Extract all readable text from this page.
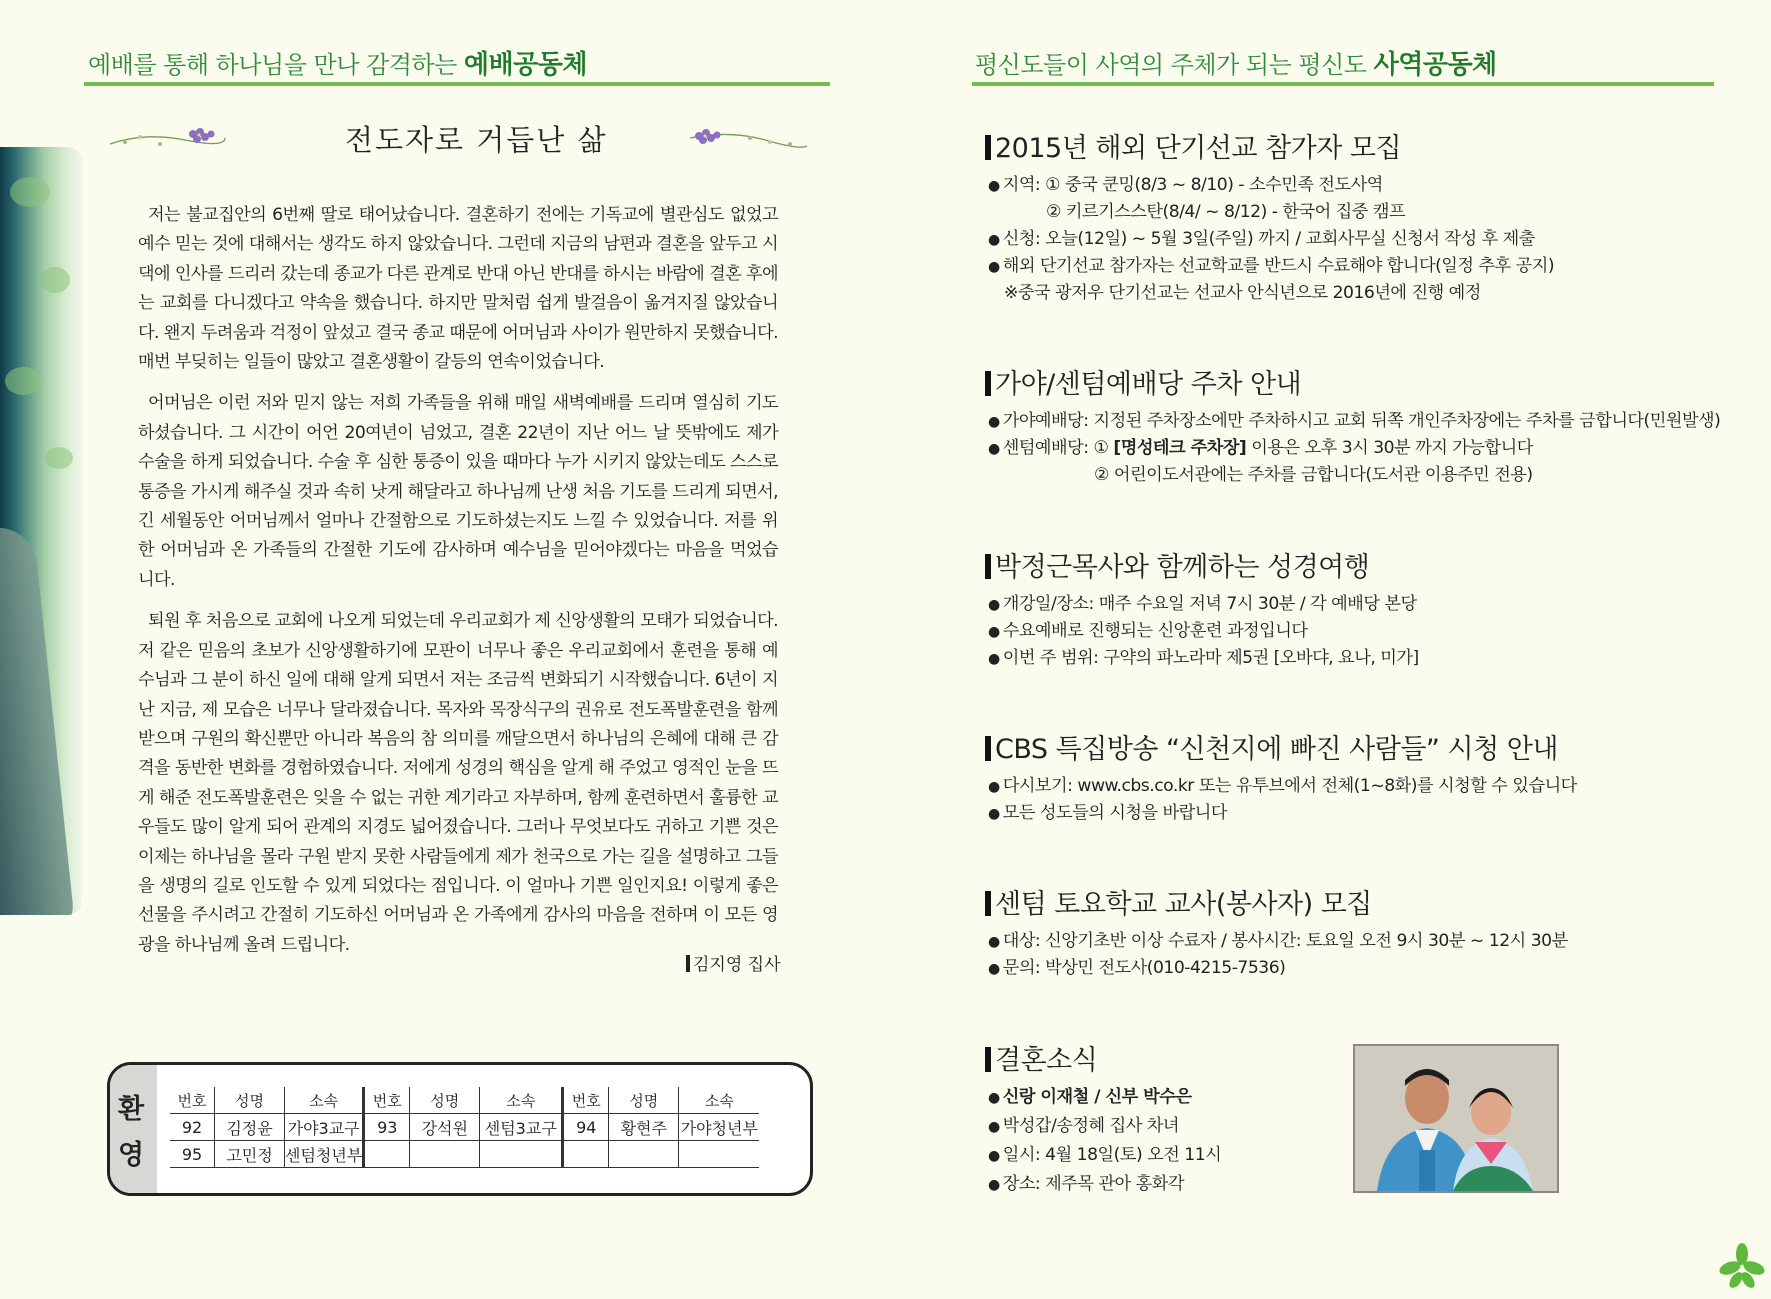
예배를 통해 하나님을 만나 감격하는 예배공동체	평신도들이 사역의 주체가 되는 평신도 사역공동체
전도자로 거듭난 삶

저는 불교집안의 6번째 딸로 태어났습니다. 결혼하기 전에는 기독교에 별관심도 없었고 예수 믿는 것에 대해서는 생각도 하지 않았습니다. 그런데 지금의 남편과 결혼을 앞두고 시댁에 인사를 드리러 갔는데 종교가 다른 관계로 반대 아닌 반대를 하시는 바람에 결혼 후에는 교회를 다니겠다고 약속을 했습니다. 하지만 말처럼 쉽게 발걸음이 옮겨지질 않았습니다. 왠지 두려움과 걱정이 앞섰고 결국 종교 때문에 어머님과 사이가 원만하지 못했습니다. 매번 부딪히는 일들이 많았고 결혼생활이 갈등의 연속이었습니다.

어머님은 이런 저와 믿지 않는 저희 가족들을 위해 매일 새벽예배를 드리며 열심히 기도하셨습니다. 그 시간이 어언 20여년이 넘었고, 결혼 22년이 지난 어느 날 뜻밖에도 제가 수술을 하게 되었습니다. 수술 후 심한 통증이 있을 때마다 누가 시키지 않았는데도 스스로 통증을 가시게 해주실 것과 속히 낫게 해달라고 하나님께 난생 처음 기도를 드리게 되면서, 긴 세월동안 어머님께서 얼마나 간절함으로 기도하셨는지도 느낄 수 있었습니다. 저를 위한 어머님과 온 가족들의 간절한 기도에 감사하며 예수님을 믿어야겠다는 마음을 먹었습니다.

퇴원 후 처음으로 교회에 나오게 되었는데 우리교회가 제 신앙생활의 모태가 되었습니다. 저 같은 믿음의 초보가 신앙생활하기에 모판이 너무나 좋은 우리교회에서 훈련을 통해 예수님과 그 분이 하신 일에 대해 알게 되면서 저는 조금씩 변화되기 시작했습니다. 6년이 지난 지금, 제 모습은 너무나 달라졌습니다. 목자와 목장식구의 권유로 전도폭발훈련을 함께 받으며 구원의 확신뿐만 아니라 복음의 참 의미를 깨달으면서 하나님의 은혜에 대해 큰 감격을 동반한 변화를 경험하였습니다. 저에게 성경의 핵심을 알게 해 주었고 영적인 눈을 뜨게 해준 전도폭발훈련은 잊을 수 없는 귀한 계기라고 자부하며, 함께 훈련하면서 훌륭한 교우들도 많이 알게 되어 관계의 지경도 넓어졌습니다. 그러나 무엇보다도 귀하고 기쁜 것은 이제는 하나님을 몰라 구원 받지 못한 사람들에게 제가 천국으로 가는 길을 설명하고 그들을 생명의 길로 인도할 수 있게 되었다는 점입니다. 이 얼마나 기쁜 일인지요! 이렇게 좋은 선물을 주시려고 간절히 기도하신 어머님과 온 가족에게 감사의 마음을 전하며 이 모든 영광을 하나님께 올려 드립니다.

김지영 집사
환
영
번호	성명	소속	번호	성명	소속	번호	성명	소속
92	김정윤	가야3교구	93	강석원	센텀3교구	94	황현주	가야청년부
95	고민정	센텀청년부						
2015년 해외 단기선교 참가자 모집
● 지역: ① 중국 쿤밍(8/3 ~ 8/10) - 소수민족 전도사역
② 키르기스스탄(8/4/ ~ 8/12) - 한국어 집중 캠프
● 신청: 오늘(12일) ~ 5월 3일(주일) 까지 / 교회사무실 신청서 작성 후 제출
● 해외 단기선교 참가자는 선교학교를 반드시 수료해야 합니다(일정 추후 공지)
※중국 광저우 단기선교는 선교사 안식년으로 2016년에 진행 예정
가야/센텀예배당 주차 안내
● 가야예배당: 지정된 주차장소에만 주차하시고 교회 뒤쪽 개인주차장에는 주차를 금합니다(민원발생)
● 센텀예배당: ① [명성테크 주차장] 이용은 오후 3시 30분 까지 가능합니다
② 어린이도서관에는 주차를 금합니다(도서관 이용주민 전용)
박정근목사와 함께하는 성경여행
● 개강일/장소: 매주 수요일 저녁 7시 30분 / 각 예배당 본당
● 수요예배로 진행되는 신앙훈련 과정입니다
● 이번 주 범위: 구약의 파노라마 제5권 [오바댜, 요나, 미가]
CBS 특집방송 “신천지에 빠진 사람들” 시청 안내
● 다시보기: www.cbs.co.kr 또는 유투브에서 전체(1~8화)를 시청할 수 있습니다
● 모든 성도들의 시청을 바랍니다
센텀 토요학교 교사(봉사자) 모집
● 대상: 신앙기초반 이상 수료자 / 봉사시간: 토요일 오전 9시 30분 ~ 12시 30분
● 문의: 박상민 전도사(010-4215-7536)
결혼소식
● 신랑 이재철 / 신부 박수은
● 박성갑/송정혜 집사 차녀
● 일시: 4월 18일(토) 오전 11시
● 장소: 제주목 관아 홍화각
